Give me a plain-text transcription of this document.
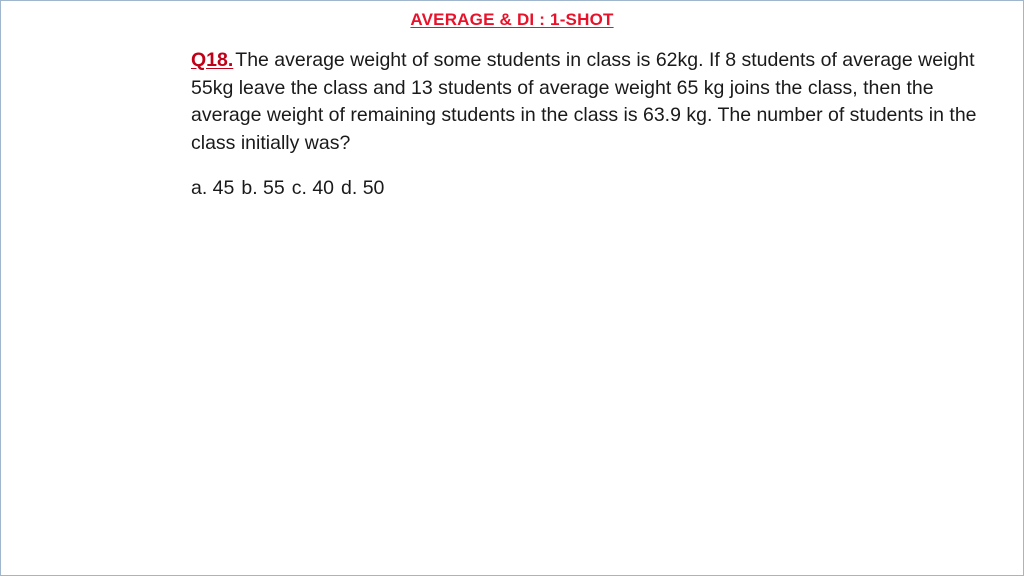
AVERAGE & DI : 1-SHOT
Q18. The average weight of some students in class is 62kg. If 8 students of average weight 55kg leave the class and 13 students of average weight 65 kg joins the class, then the average weight of remaining students in the class is 63.9 kg. The number of students in the class initially was?
a. 45 b. 55 c. 40 d. 50
